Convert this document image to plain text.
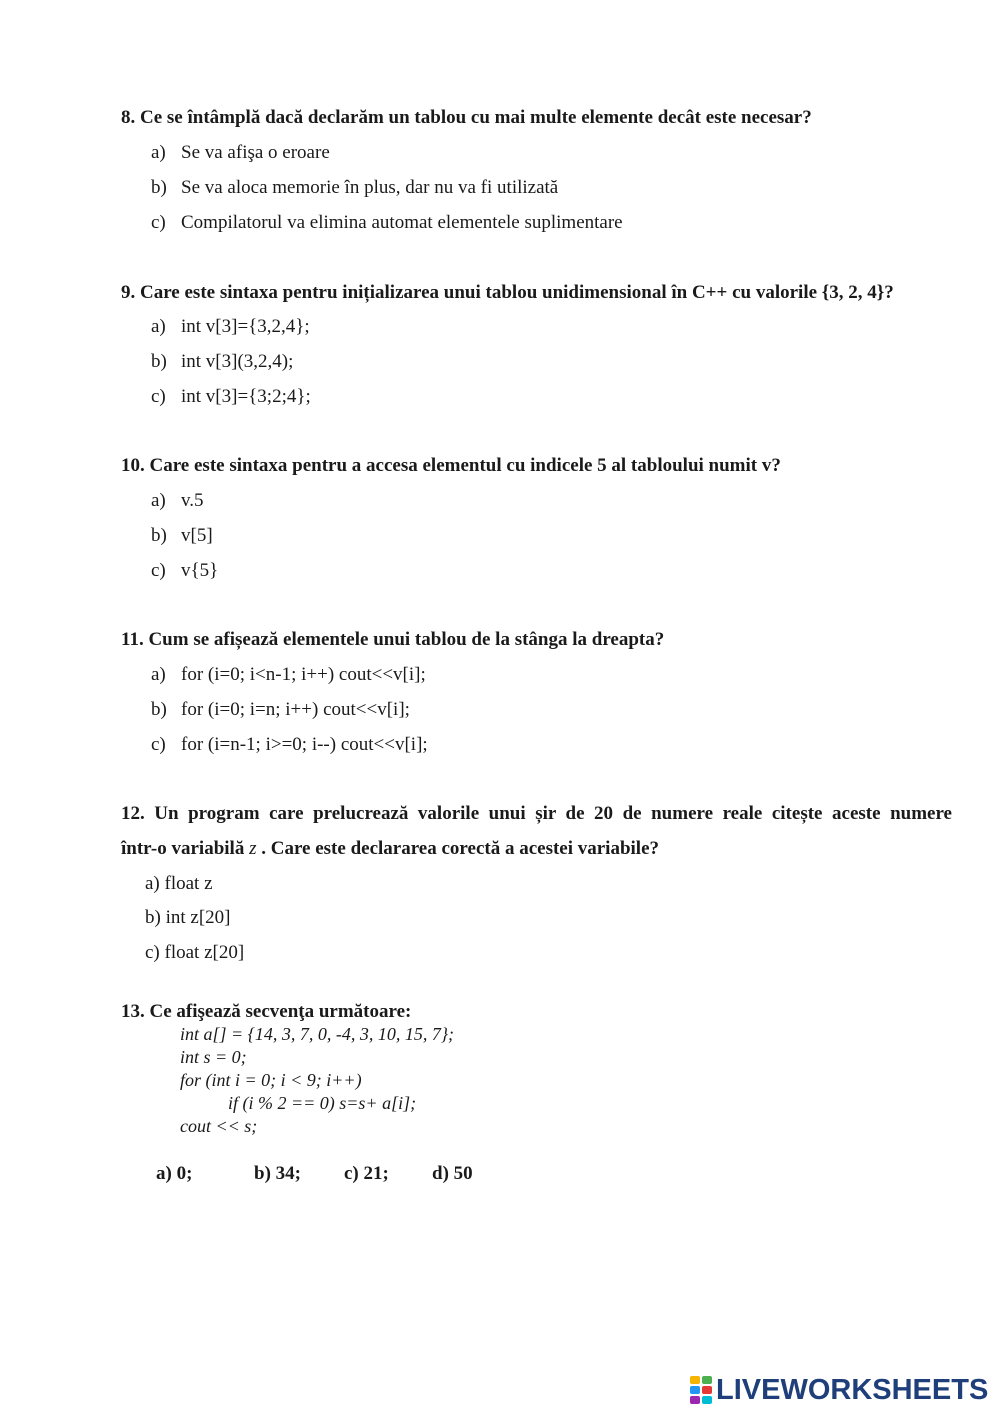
8. Ce se întâmplă dacă declarăm un tablou cu mai multe elemente decât este necesar?
a) Se va afişa o eroare
b) Se va aloca memorie în plus, dar nu va fi utilizată
c) Compilatorul va elimina automat elementele suplimentare
9. Care este sintaxa pentru inițializarea unui tablou unidimensional în C++ cu valorile {3, 2, 4}?
a) int v[3]={3,2,4};
b) int v[3](3,2,4);
c) int v[3]={3;2;4};
10. Care este sintaxa pentru a accesa elementul cu indicele 5 al tabloului numit v?
a) v.5
b) v[5]
c) v{5}
11. Cum se afișează elementele unui tablou de la stânga la dreapta?
a) for (i=0; i<n-1; i++) cout<<v[i];
b) for (i=0; i=n; i++) cout<<v[i];
c) for (i=n-1; i>=0; i--) cout<<v[i];
12. Un program care prelucrează valorile unui șir de 20 de numere reale citește aceste numere
într-o variabilă z . Care este declararea corectă a acestei variabile?
a) float z
b) int z[20]
c) float z[20]
13. Ce afişează secvenţa următoare:
int a[] = {14, 3, 7, 0, -4, 3, 10, 15, 7};
int s = 0;
for (int i = 0; i < 9; i++)
if (i % 2 == 0) s=s+ a[i];
cout << s;
a) 0;	b) 34; c) 21; d) 50
LIVEWORKSHEETS
